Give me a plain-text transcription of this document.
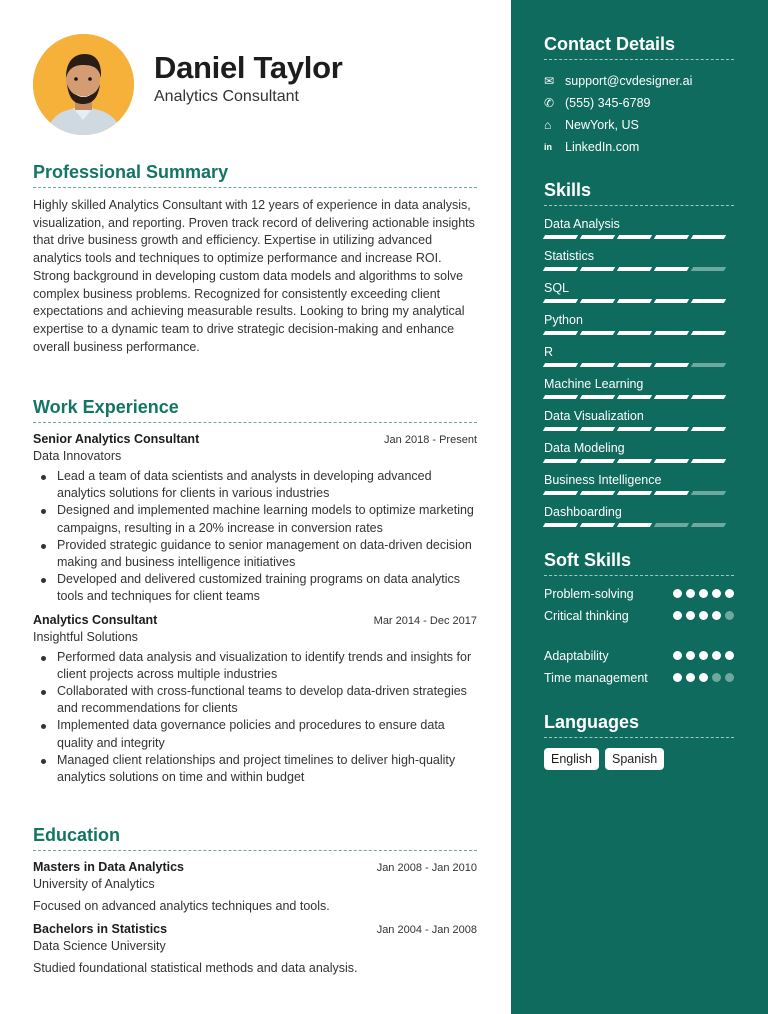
Daniel Taylor
Analytics Consultant
Professional Summary
Highly skilled Analytics Consultant with 12 years of experience in data analysis, visualization, and reporting. Proven track record of delivering actionable insights that drive business growth and efficiency. Expertise in utilizing advanced analytics tools and techniques to optimize performance and increase ROI. Strong background in developing custom data models and algorithms to solve complex business problems. Recognized for consistently exceeding client expectations and achieving measurable results. Looking to bring my analytical expertise to a dynamic team to drive strategic decision-making and enhance overall business performance.
Work Experience
Senior Analytics Consultant	Jan 2018 - Present
Data Innovators
Lead a team of data scientists and analysts in developing advanced analytics solutions for clients in various industries
Designed and implemented machine learning models to optimize marketing campaigns, resulting in a 20% increase in conversion rates
Provided strategic guidance to senior management on data-driven decision making and business intelligence initiatives
Developed and delivered customized training programs on data analytics tools and techniques for client teams
Analytics Consultant	Mar 2014 - Dec 2017
Insightful Solutions
Performed data analysis and visualization to identify trends and insights for client projects across multiple industries
Collaborated with cross-functional teams to develop data-driven strategies and recommendations for clients
Implemented data governance policies and procedures to ensure data quality and integrity
Managed client relationships and project timelines to deliver high-quality analytics solutions on time and within budget
Education
Masters in Data Analytics	Jan 2008 - Jan 2010
University of Analytics
Focused on advanced analytics techniques and tools.
Bachelors in Statistics	Jan 2004 - Jan 2008
Data Science University
Studied foundational statistical methods and data analysis.
Contact Details
✉ support@cvdesigner.ai
✆ (555) 345-6789
⌂	NewYork, US
in	LinkedIn.com
Skills
Data Analysis
Statistics
SQL
Python
R
Machine Learning
Data Visualization
Data Modeling
Business Intelligence
Dashboarding
Soft Skills
Problem-solving
Critical thinking
Adaptability
Time management
Languages
English	Spanish
